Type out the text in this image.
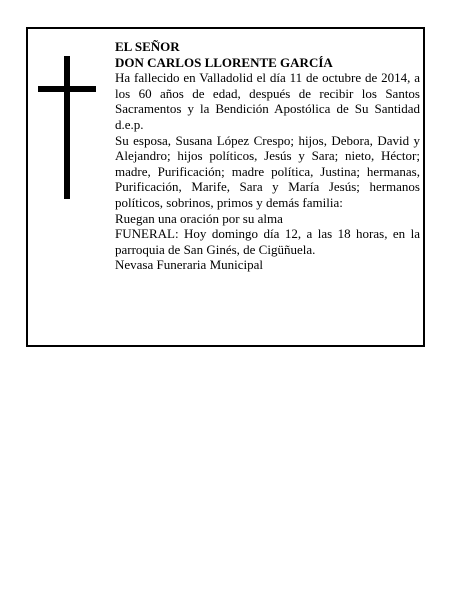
EL SEÑOR

DON CARLOS LLORENTE GARCÍA

Ha fallecido en Valladolid el día 11 de octubre de 2014, a los 60 años de edad, después de recibir los Santos Sacramentos y la Bendición Apostólica de Su Santidad d.e.p.

Su esposa, Susana López Crespo; hijos, Debora, David y Alejandro; hijos políticos, Jesús y Sara; nieto, Héctor; madre, Purificación; madre política, Justina; hermanas, Purificación, Marife, Sara y María Jesús; hermanos políticos, sobrinos, primos y demás familia:

Ruegan una oración por su alma

FUNERAL: Hoy domingo día 12, a las 18 horas, en la parroquia de San Ginés, de Cigüñuela.

Nevasa Funeraria Municipal
